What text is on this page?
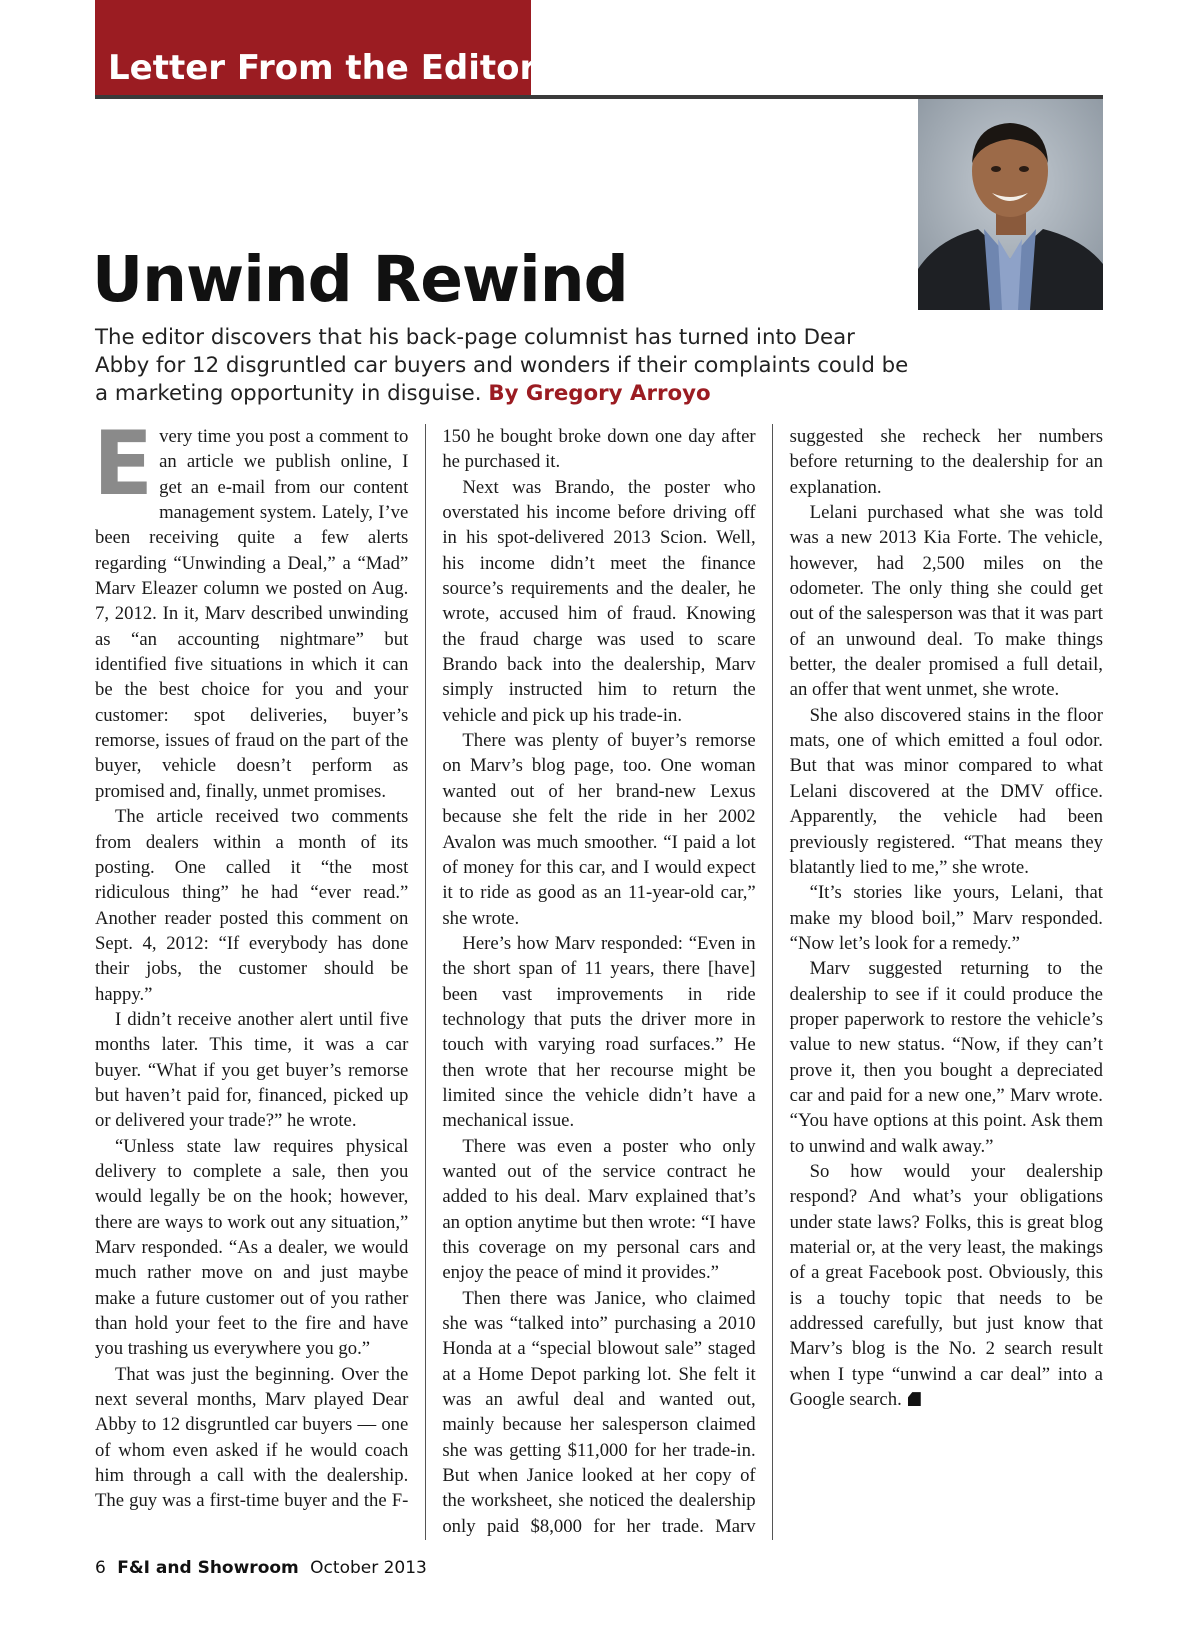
Letter From the Editor
Unwind Rewind

The editor discovers that his back-page columnist has turned into Dear Abby for 12 disgruntled car buyers and wonders if their complaints could be a marketing opportunity in disguise. By Gregory Arroyo

Every time you post a comment to an article we publish online, I get an e-mail from our content management system. Lately, I’ve been receiving quite a few alerts regarding “Unwinding a Deal,” a “Mad” Marv Eleazer column we posted on Aug. 7, 2012. In it, Marv described unwinding as “an accounting nightmare” but identified five situations in which it can be the best choice for you and your customer: spot deliveries, buyer’s remorse, issues of fraud on the part of the buyer, vehicle doesn’t perform as promised and, finally, unmet promises.

The article received two comments from dealers within a month of its posting. One called it “the most ridiculous thing” he had “ever read.” Another reader posted this comment on Sept. 4, 2012: “If everybody has done their jobs, the customer should be happy.”

I didn’t receive another alert until five months later. This time, it was a car buyer. “What if you get buyer’s remorse but haven’t paid for, financed, picked up or delivered your trade?” he wrote.

“Unless state law requires physical delivery to complete a sale, then you would legally be on the hook; however, there are ways to work out any situation,” Marv responded. “As a dealer, we would much rather move on and just maybe make a future customer out of you rather than hold your feet to the fire and have you trashing us everywhere you go.”

That was just the beginning. Over the next several months, Marv played Dear Abby to 12 disgruntled car buyers — one of whom even asked if he would coach him through a call with the dealership. The guy was a first-time buyer and the F-150 he bought broke down one day after he purchased it.

Next was Brando, the poster who overstated his income before driving off in his spot-delivered 2013 Scion. Well, his income didn’t meet the finance source’s requirements and the dealer, he wrote, accused him of fraud. Knowing the fraud charge was used to scare Brando back into the dealership, Marv simply instructed him to return the vehicle and pick up his trade-in.

There was plenty of buyer’s remorse on Marv’s blog page, too. One woman wanted out of her brand-new Lexus because she felt the ride in her 2002 Avalon was much smoother. “I paid a lot of money for this car, and I would expect it to ride as good as an 11-year-old car,” she wrote.

Here’s how Marv responded: “Even in the short span of 11 years, there [have] been vast improvements in ride technology that puts the driver more in touch with varying road surfaces.” He then wrote that her recourse might be limited since the vehicle didn’t have a mechanical issue.

There was even a poster who only wanted out of the service contract he added to his deal. Marv explained that’s an option anytime but then wrote: “I have this coverage on my personal cars and enjoy the peace of mind it provides.”

Then there was Janice, who claimed she was “talked into” purchasing a 2010 Honda at a “special blowout sale” staged at a Home Depot parking lot. She felt it was an awful deal and wanted out, mainly because her salesperson claimed she was getting $11,000 for her trade-in. But when Janice looked at her copy of the worksheet, she noticed the dealership only paid $8,000 for her trade. Marv suggested she recheck her numbers before returning to the dealership for an explanation.

Lelani purchased what she was told was a new 2013 Kia Forte. The vehicle, however, had 2,500 miles on the odometer. The only thing she could get out of the salesperson was that it was part of an unwound deal. To make things better, the dealer promised a full detail, an offer that went unmet, she wrote.

She also discovered stains in the floor mats, one of which emitted a foul odor. But that was minor compared to what Lelani discovered at the DMV office. Apparently, the vehicle had been previously registered. “That means they blatantly lied to me,” she wrote.

“It’s stories like yours, Lelani, that make my blood boil,” Marv responded. “Now let’s look for a remedy.”

Marv suggested returning to the dealership to see if it could produce the proper paperwork to restore the vehicle’s value to new status. “Now, if they can’t prove it, then you bought a depreciated car and paid for a new one,” Marv wrote. “You have options at this point. Ask them to unwind and walk away.”

So how would your dealership respond? And what’s your obligations under state laws? Folks, this is great blog material or, at the very least, the makings of a great Facebook post. Obviously, this is a touchy topic that needs to be addressed carefully, but just know that Marv’s blog is the No. 2 search result when I type “unwind a car deal” into a Google search.

6 F&I and Showroom October 2013
